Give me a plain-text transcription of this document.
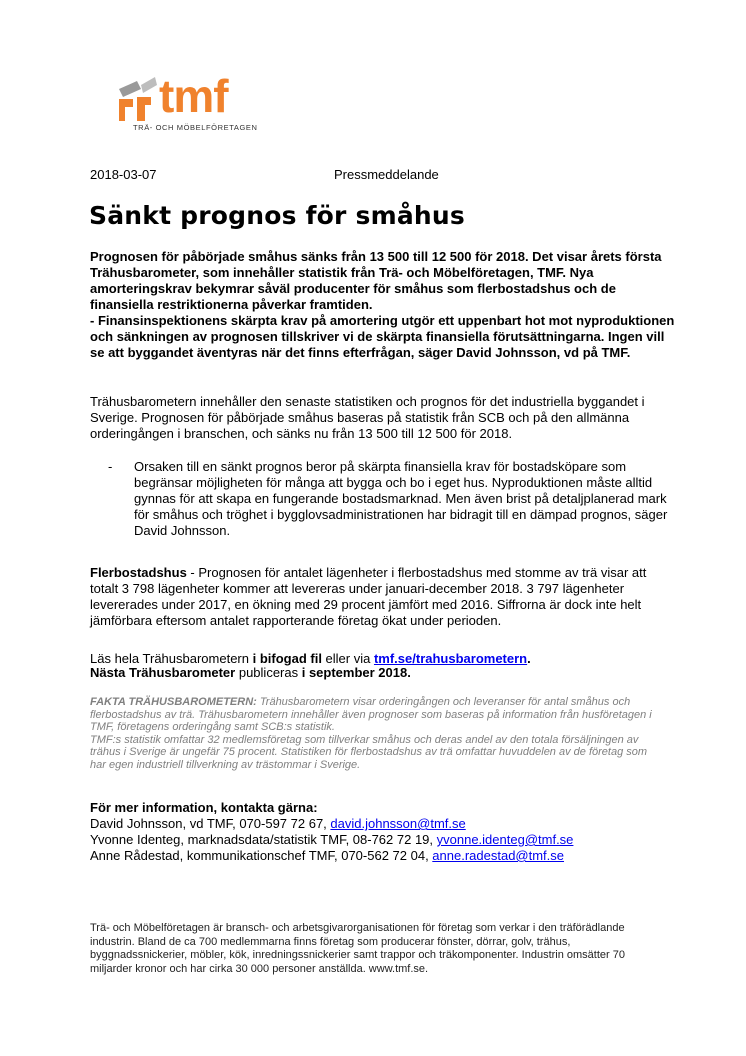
tmf
TRÄ- OCH MÖBELFÖRETAGEN
2018-03-07	Pressmeddelande
Sänkt prognos för småhus

Prognosen för påbörjade småhus sänks från 13 500 till 12 500 för 2018. Det visar årets första Trähusbarometer, som innehåller statistik från Trä- och Möbelföretagen, TMF. Nya amorteringskrav bekymrar såväl producenter för småhus som flerbostadshus och de finansiella restriktionerna påverkar framtiden.

- Finansinspektionens skärpta krav på amortering utgör ett uppenbart hot mot nyproduktionen och sänkningen av prognosen tillskriver vi de skärpta finansiella förutsättningarna. Ingen vill se att byggandet äventyras när det finns efterfrågan, säger David Johnsson, vd på TMF.

Trähusbarometern innehåller den senaste statistiken och prognos för det industriella byggandet i Sverige. Prognosen för påbörjade småhus baseras på statistik från SCB och på den allmänna orderingången i branschen, och sänks nu från 13 500 till 12 500 för 2018.

- Orsaken till en sänkt prognos beror på skärpta finansiella krav för bostadsköpare som begränsar möjligheten för många att bygga och bo i eget hus. Nyproduktionen måste alltid gynnas för att skapa en fungerande bostadsmarknad. Men även brist på detaljplanerad mark för småhus och tröghet i bygglovsadministrationen har bidragit till en dämpad prognos, säger David Johnsson.

Flerbostadshus - Prognosen för antalet lägenheter i flerbostadshus med stomme av trä visar att totalt 3 798 lägenheter kommer att levereras under januari-december 2018. 3 797 lägenheter levererades under 2017, en ökning med 29 procent jämfört med 2016. Siffrorna är dock inte helt jämförbara eftersom antalet rapporterande företag ökat under perioden.

Läs hela Trähusbarometern i bifogad fil eller via tmf.se/trahusbarometern.
Nästa Trähusbarometer publiceras i september 2018.

FAKTA TRÄHUSBAROMETERN: Trähusbarometern visar orderingången och leveranser för antal småhus och flerbostadshus av trä. Trähusbarometern innehåller även prognoser som baseras på information från husföretagen i TMF, företagens orderingång samt SCB:s statistik.

TMF:s statistik omfattar 32 medlemsföretag som tillverkar småhus och deras andel av den totala försäljningen av trähus i Sverige är ungefär 75 procent. Statistiken för flerbostadshus av trä omfattar huvuddelen av de företag som har egen industriell tillverkning av trästommar i Sverige.

För mer information, kontakta gärna:
David Johnsson, vd TMF, 070-597 72 67, david.johnsson@tmf.se
Yvonne Identeg, marknadsdata/statistik TMF, 08-762 72 19, yvonne.identeg@tmf.se
Anne Rådestad, kommunikationschef TMF, 070-562 72 04, anne.radestad@tmf.se

Trä- och Möbelföretagen är bransch- och arbetsgivarorganisationen för företag som verkar i den träförädlande industrin. Bland de ca 700 medlemmarna finns företag som producerar fönster, dörrar, golv, trähus, byggnadssnickerier, möbler, kök, inredningssnickerier samt trappor och träkomponenter. Industrin omsätter 70 miljarder kronor och har cirka 30 000 personer anställda. www.tmf.se.
